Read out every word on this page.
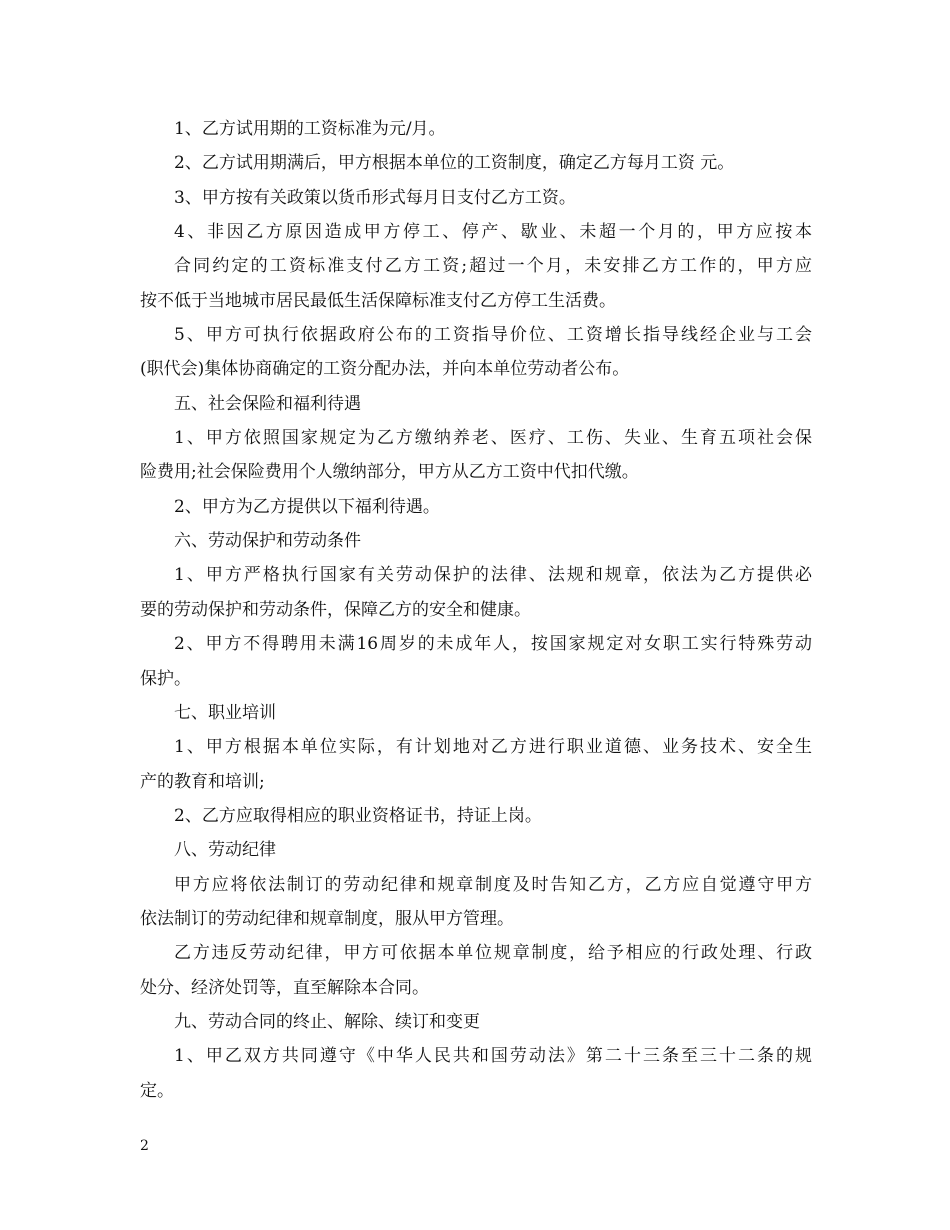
1、乙方试用期的工资标准为元/月。
2、乙方试用期满后，甲方根据本单位的工资制度，确定乙方每月工资 元。
3、甲方按有关政策以货币形式每月日支付乙方工资。
4、非因乙方原因造成甲方停工、停产、歇业、未超一个月的，甲方应按本
合同约定的工资标准支付乙方工资;超过一个月，未安排乙方工作的，甲方应
按不低于当地城市居民最低生活保障标准支付乙方停工生活费。
5、甲方可执行依据政府公布的工资指导价位、工资增长指导线经企业与工会
(职代会)集体协商确定的工资分配办法，并向本单位劳动者公布。
五、社会保险和福利待遇
1、甲方依照国家规定为乙方缴纳养老、医疗、工伤、失业、生育五项社会保
险费用;社会保险费用个人缴纳部分，甲方从乙方工资中代扣代缴。
2、甲方为乙方提供以下福利待遇。
六、劳动保护和劳动条件
1、甲方严格执行国家有关劳动保护的法律、法规和规章，依法为乙方提供必
要的劳动保护和劳动条件，保障乙方的安全和健康。
2、甲方不得聘用未满16周岁的未成年人，按国家规定对女职工实行特殊劳动
保护。
七、职业培训
1、甲方根据本单位实际，有计划地对乙方进行职业道德、业务技术、安全生
产的教育和培训;
2、乙方应取得相应的职业资格证书，持证上岗。
八、劳动纪律
甲方应将依法制订的劳动纪律和规章制度及时告知乙方，乙方应自觉遵守甲方
依法制订的劳动纪律和规章制度，服从甲方管理。
乙方违反劳动纪律，甲方可依据本单位规章制度，给予相应的行政处理、行政
处分、经济处罚等，直至解除本合同。
九、劳动合同的终止、解除、续订和变更
1、甲乙双方共同遵守《中华人民共和国劳动法》第二十三条至三十二条的规
定。
2
